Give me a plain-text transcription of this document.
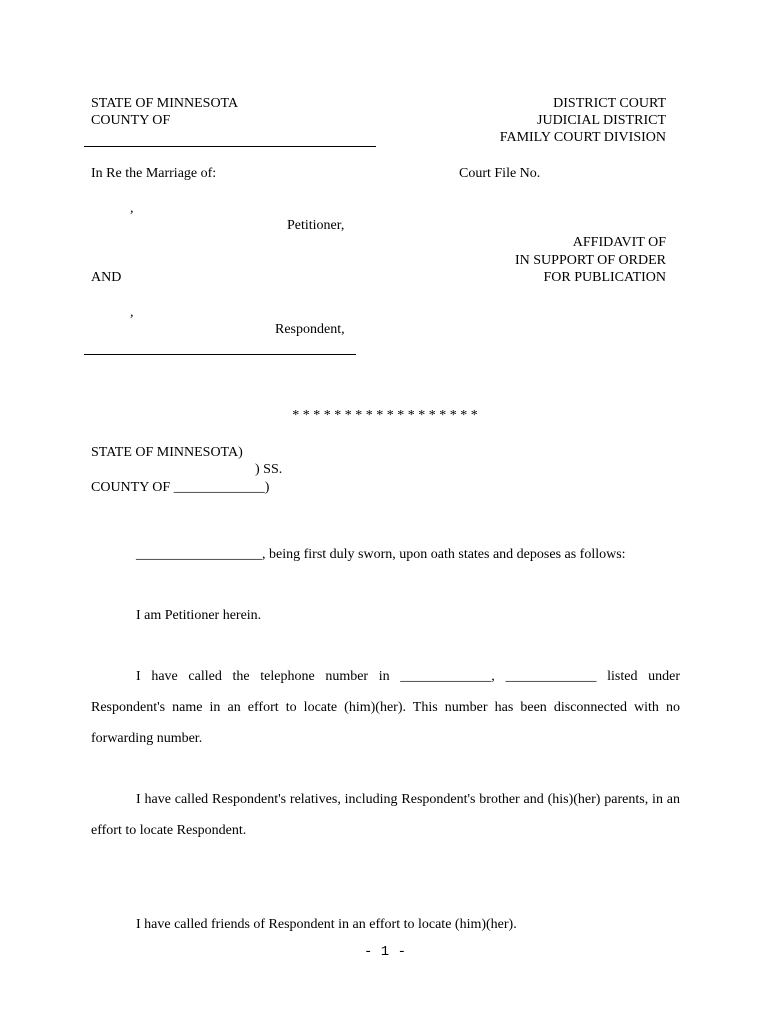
STATE OF MINNESOTA
COUNTY OF
DISTRICT COURT
JUDICIAL DISTRICT
FAMILY COURT DIVISION
In Re the Marriage of:	Court File No.
,
Petitioner,
AFFIDAVIT OF
IN SUPPORT OF ORDER
FOR PUBLICATION
AND
,
Respondent,
* * * * * * * * * * * * * * * * * *
STATE OF MINNESOTA)
) SS.
COUNTY OF _____________)
__________________, being first duly sworn, upon oath states and deposes as follows:
I am Petitioner herein.
I have called the telephone number in _____________, _____________ listed under Respondent's name in an effort to locate (him)(her). This number has been disconnected with no forwarding number.
I have called Respondent's relatives, including Respondent's brother and (his)(her) parents, in an effort to locate Respondent.
I have called friends of Respondent in an effort to locate (him)(her).
- 1 -
